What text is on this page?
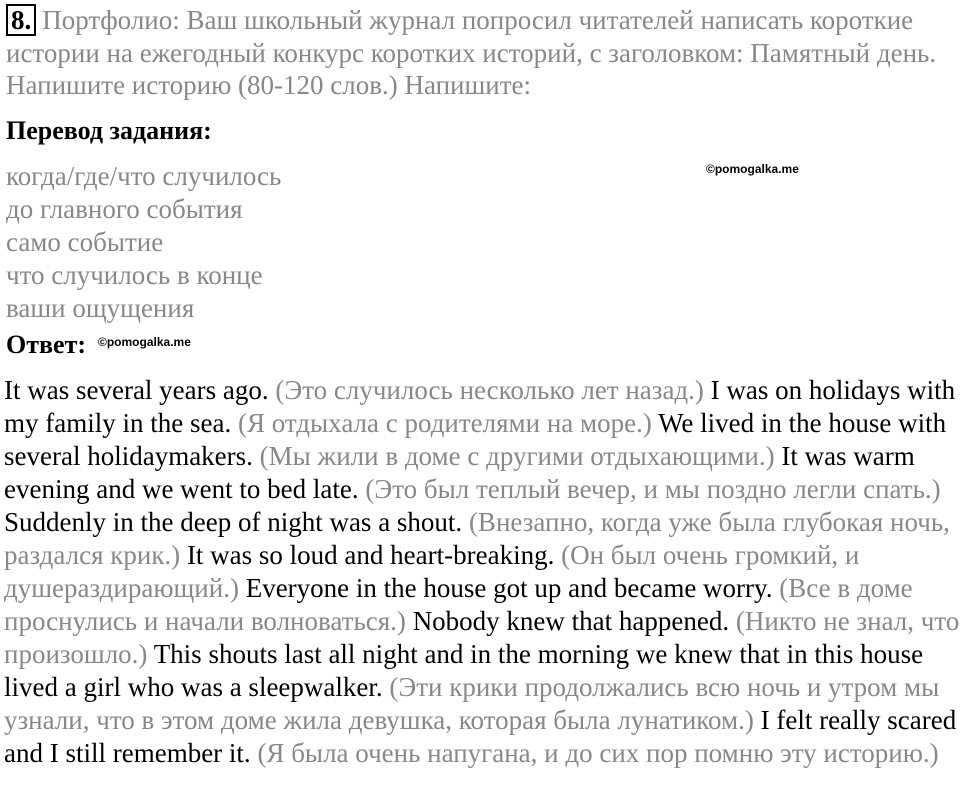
8. Портфолио: Ваш школьный журнал попросил читателей написать короткие истории на ежегодный конкурс коротких историй, с заголовком: Памятный день. Напишите историю (80-120 слов.) Напишите:
Перевод задания:
©pomogalka.me
когда/где/что случилось
до главного события
само событие
что случилось в конце
ваши ощущения
Ответ: ©pomogalka.me
It was several years ago. (Это случилось несколько лет назад.) I was on holidays with my family in the sea. (Я отдыхала с родителями на море.) We lived in the house with several holidaymakers. (Мы жили в доме с другими отдыхающими.) It was warm evening and we went to bed late. (Это был теплый вечер, и мы поздно легли спать.) Suddenly in the deep of night was a shout. (Внезапно, когда уже была глубокая ночь, раздался крик.) It was so loud and heart-breaking. (Он был очень громкий, и душераздирающий.) Everyone in the house got up and became worry. (Все в доме проснулись и начали волноваться.) Nobody knew that happened. (Никто не знал, что произошло.) This shouts last all night and in the morning we knew that in this house lived a girl who was a sleepwalker. (Эти крики продолжались всю ночь и утром мы узнали, что в этом доме жила девушка, которая была лунатиком.) I felt really scared and I still remember it. (Я была очень напугана, и до сих пор помню эту историю.)
